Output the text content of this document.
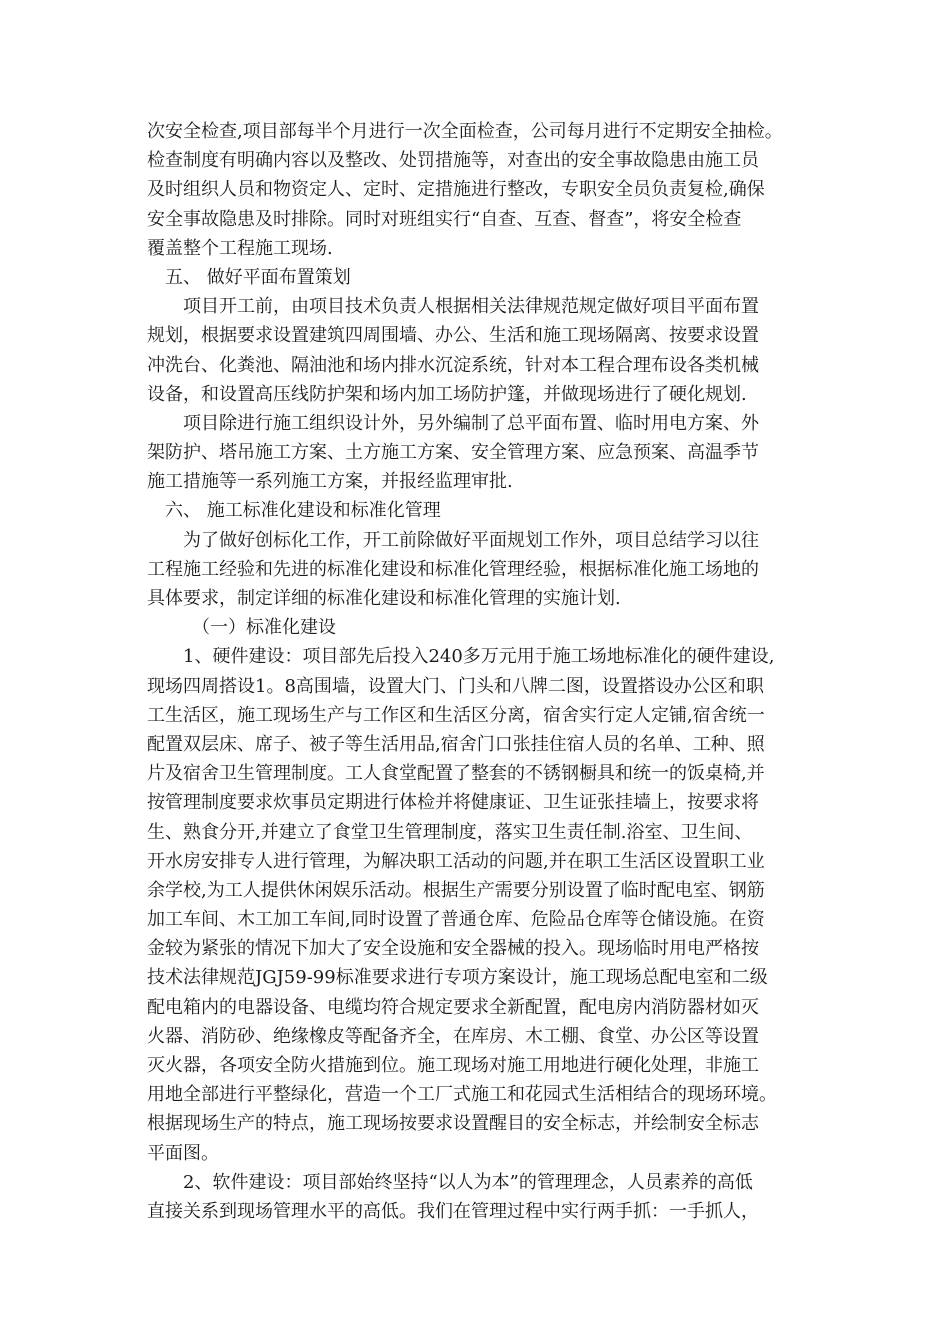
次安全检查,项目部每半个月进行一次全面检查，公司每月进行不定期安全抽检。
检查制度有明确内容以及整改、处罚措施等，对查出的安全事故隐患由施工员
及时组织人员和物资定人、定时、定措施进行整改，专职安全员负责复检,确保
安全事故隐患及时排除。同时对班组实行“自查、互查、督查”，将安全检查
覆盖整个工程施工现场.
五、 做好平面布置策划
项目开工前，由项目技术负责人根据相关法律规范规定做好项目平面布置
规划，根据要求设置建筑四周围墙、办公、生活和施工现场隔离、按要求设置
冲洗台、化粪池、隔油池和场内排水沉淀系统，针对本工程合理布设各类机械
设备，和设置高压线防护架和场内加工场防护篷，并做现场进行了硬化规划.
项目除进行施工组织设计外，另外编制了总平面布置、临时用电方案、外
架防护、塔吊施工方案、土方施工方案、安全管理方案、应急预案、高温季节
施工措施等一系列施工方案，并报经监理审批.
六、 施工标准化建设和标准化管理
为了做好创标化工作，开工前除做好平面规划工作外，项目总结学习以往
工程施工经验和先进的标准化建设和标准化管理经验，根据标准化施工场地的
具体要求，制定详细的标准化建设和标准化管理的实施计划.
（一）标准化建设
1、硬件建设：项目部先后投入240多万元用于施工场地标准化的硬件建设,
现场四周搭设1。8高围墙，设置大门、门头和八牌二图，设置搭设办公区和职
工生活区，施工现场生产与工作区和生活区分离，宿舍实行定人定铺,宿舍统一
配置双层床、席子、被子等生活用品,宿舍门口张挂住宿人员的名单、工种、照
片及宿舍卫生管理制度。工人食堂配置了整套的不锈钢橱具和统一的饭桌椅,并
按管理制度要求炊事员定期进行体检并将健康证、卫生证张挂墙上，按要求将
生、熟食分开,并建立了食堂卫生管理制度，落实卫生责任制.浴室、卫生间、
开水房安排专人进行管理，为解决职工活动的问题,并在职工生活区设置职工业
余学校,为工人提供休闲娱乐活动。根据生产需要分别设置了临时配电室、钢筋
加工车间、木工加工车间,同时设置了普通仓库、危险品仓库等仓储设施。在资
金较为紧张的情况下加大了安全设施和安全器械的投入。现场临时用电严格按
技术法律规范JGJ59-99标准要求进行专项方案设计，施工现场总配电室和二级
配电箱内的电器设备、电缆均符合规定要求全新配置，配电房内消防器材如灭
火器、消防砂、绝缘橡皮等配备齐全，在库房、木工棚、食堂、办公区等设置
灭火器，各项安全防火措施到位。施工现场对施工用地进行硬化处理，非施工
用地全部进行平整绿化，营造一个工厂式施工和花园式生活相结合的现场环境。
根据现场生产的特点，施工现场按要求设置醒目的安全标志，并绘制安全标志
平面图。
2、软件建设：项目部始终坚持“以人为本”的管理理念，人员素养的高低
直接关系到现场管理水平的高低。我们在管理过程中实行两手抓：一手抓人，
